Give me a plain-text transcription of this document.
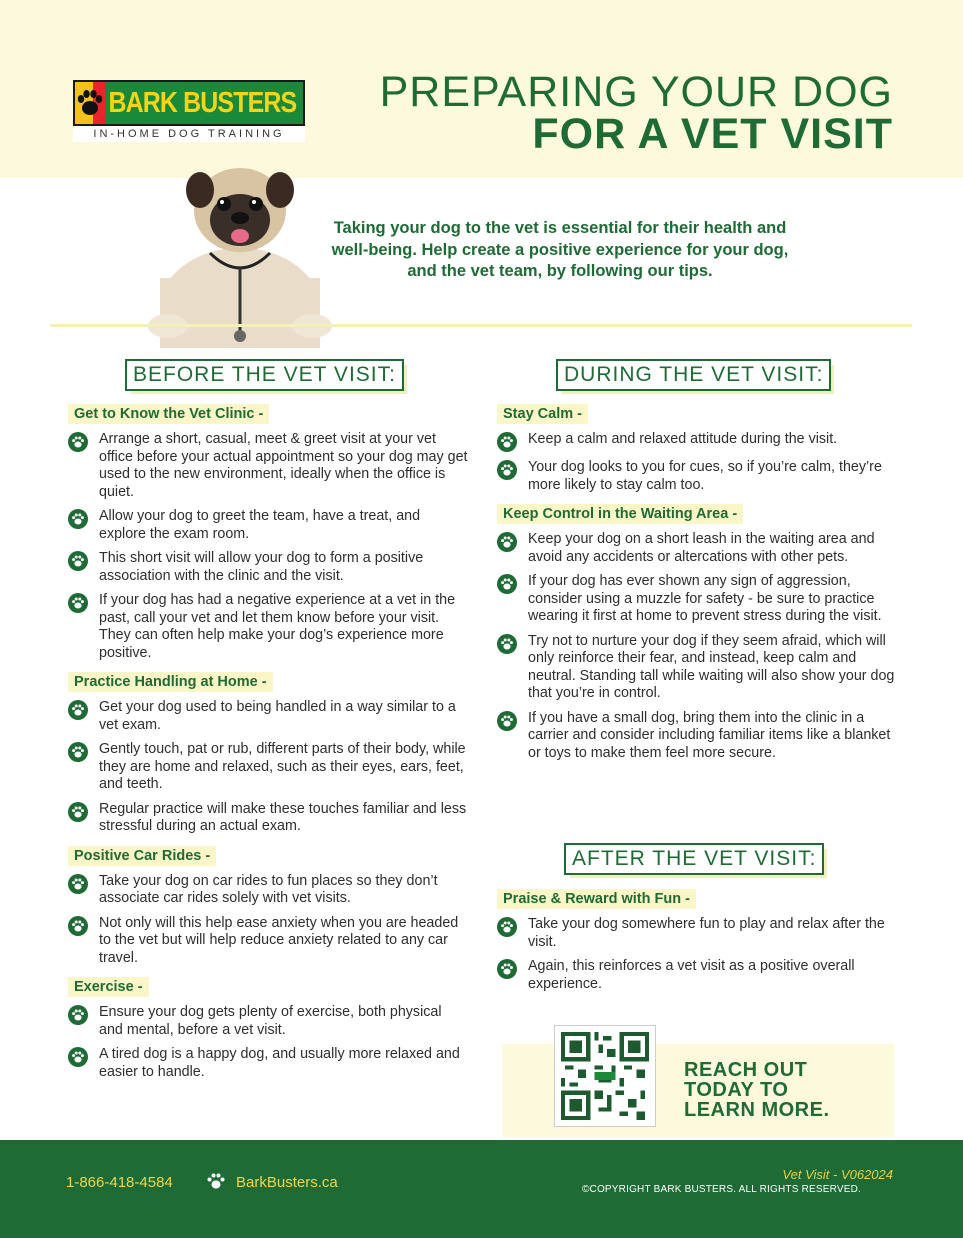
BARK BUSTERS
IN-HOME DOG TRAINING
PREPARING YOUR DOG
FOR A VET VISIT
Taking your dog to the vet is essential for their health and well-being. Help create a positive experience for your dog, and the vet team, by following our tips.
BEFORE THE VET VISIT:	DURING THE VET VISIT:
AFTER THE VET VISIT:
Get to Know the Vet Clinic -
Arrange a short, casual, meet & greet visit at your vet office before your actual appointment so your dog may get used to the new environment, ideally when the office is quiet.
Allow your dog to greet the team, have a treat, and explore the exam room.
This short visit will allow your dog to form a positive association with the clinic and the visit.
If your dog has had a negative experience at a vet in the past, call your vet and let them know before your visit. They can often help make your dog’s experience more positive.
Practice Handling at Home -
Get your dog used to being handled in a way similar to a vet exam.
Gently touch, pat or rub, different parts of their body, while they are home and relaxed, such as their eyes, ears, feet, and teeth.
Regular practice will make these touches familiar and less stressful during an actual exam.
Positive Car Rides -
Take your dog on car rides to fun places so they don’t associate car rides solely with vet visits.
Not only will this help ease anxiety when you are headed to the vet but will help reduce anxiety related to any car travel.
Exercise -
Ensure your dog gets plenty of exercise, both physical and mental, before a vet visit.
A tired dog is a happy dog, and usually more relaxed and easier to handle.
Stay Calm -
Keep a calm and relaxed attitude during the visit.
Your dog looks to you for cues, so if you’re calm, they’re more likely to stay calm too.
Keep Control in the Waiting Area -
Keep your dog on a short leash in the waiting area and avoid any accidents or altercations with other pets.
If your dog has ever shown any sign of aggression, consider using a muzzle for safety - be sure to practice wearing it first at home to prevent stress during the visit.
Try not to nurture your dog if they seem afraid, which will only reinforce their fear, and instead, keep calm and neutral. Standing tall while waiting will also show your dog that you’re in control.
If you have a small dog, bring them into the clinic in a carrier and consider including familiar items like a blanket or toys to make them feel more secure.
Praise & Reward with Fun -
Take your dog somewhere fun to play and relax after the visit.
Again, this reinforces a vet visit as a positive overall experience.
REACH OUT
TODAY TO
LEARN MORE.
1-866-418-4584	BarkBusters.ca	Vet Visit - V062024
©COPYRIGHT BARK BUSTERS. ALL RIGHTS RESERVED.
